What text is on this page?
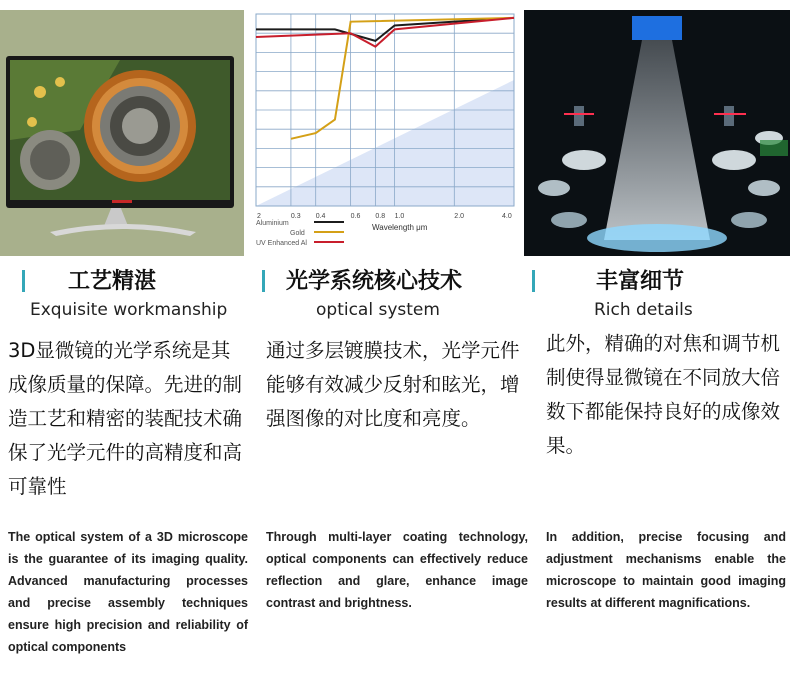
2	0.3 0.4	0.6 0.8 1.0	2.0	4.0
Aluminium
Gold
UV Enhanced Al
Wavelength μm
工艺精湛	光学系统核心技术	丰富细节
Exquisite workmanship	optical system	Rich details
3D显微镜的光学系统是其成像质量的保障。先进的制造工艺和精密的装配技术确保了光学元件的高精度和高可靠性
通过多层镀膜技术，光学元件能够有效减少反射和眩光，增强图像的对比度和亮度。
此外，精确的对焦和调节机制使得显微镜在不同放大倍数下都能保持良好的成像效果。
The optical system of a 3D microscope is the guarantee of its imaging quality. Advanced manufacturing processes and precise assembly techniques ensure high precision and reliability of optical components
Through multi-layer coating technology, optical components can effectively reduce reflection and glare, enhance image contrast and brightness.
In addition, precise focusing and adjustment mechanisms enable the microscope to maintain good imaging results at different magnifications.
